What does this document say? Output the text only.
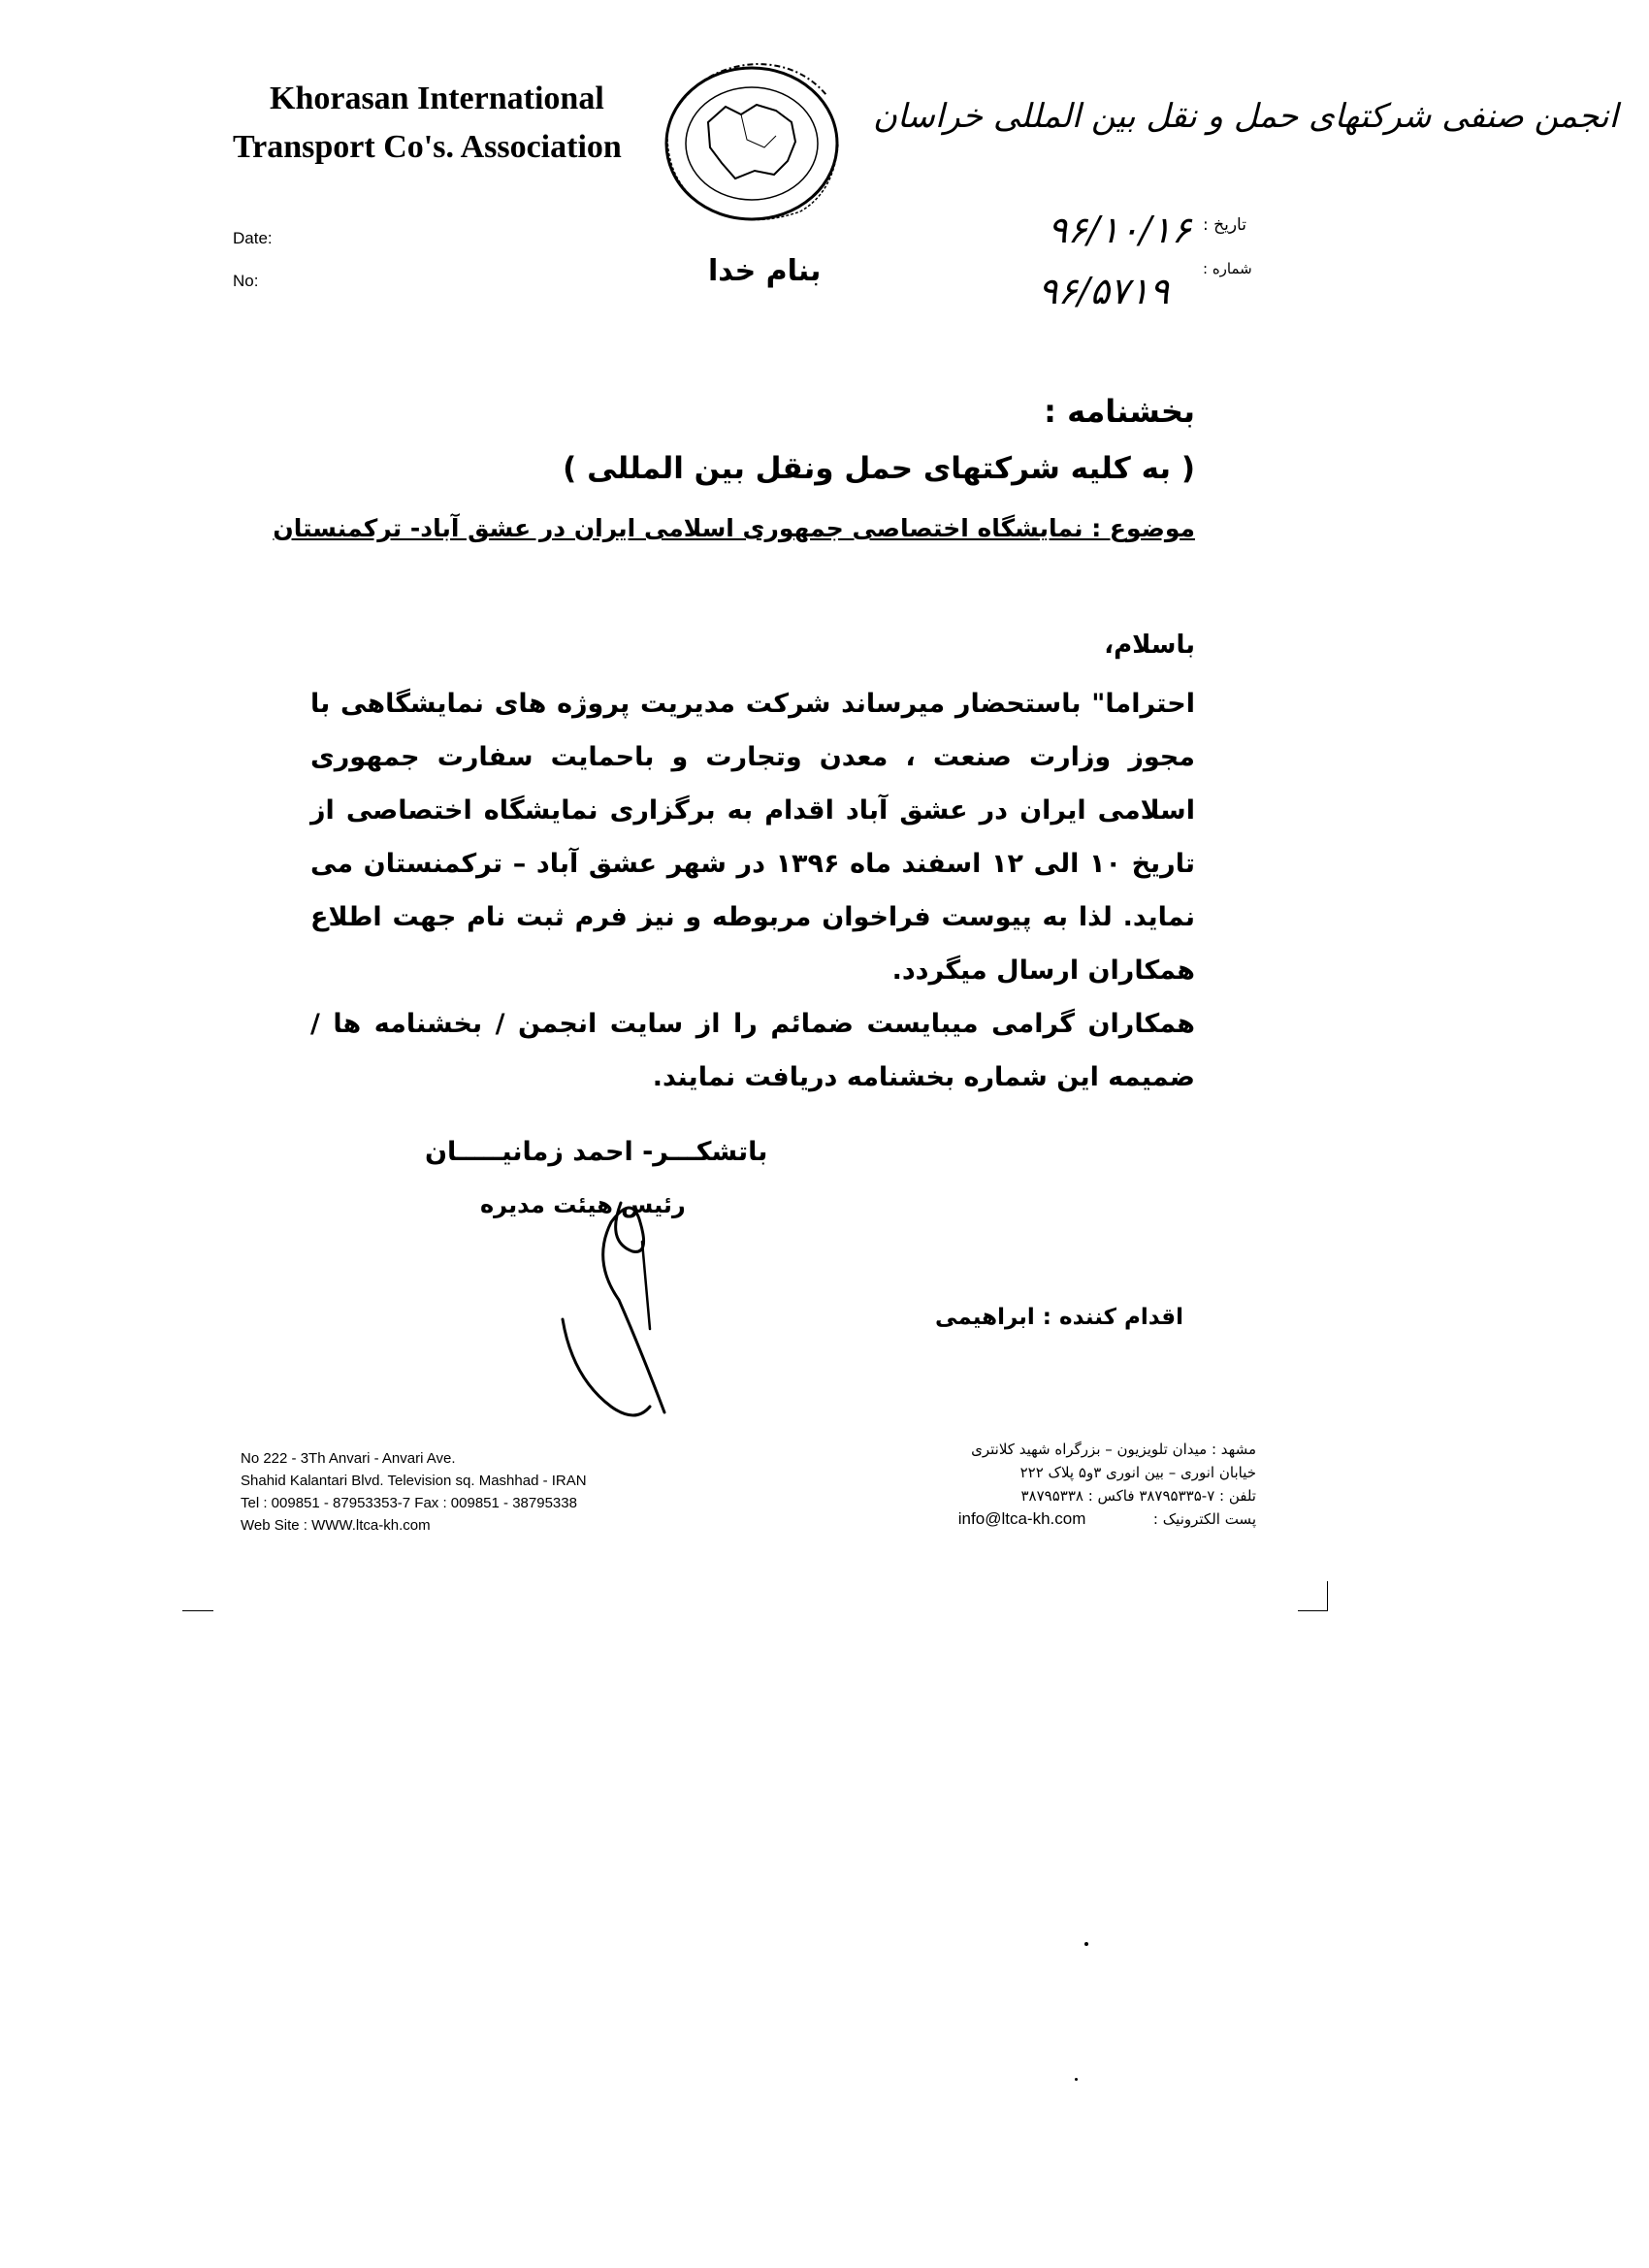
Khorasan International
Transport Co's. Association
انجمن صنفی شرکتهای حمل و نقل بین المللی خراسان
Date:
No:
تاریخ :
شماره :
۹۶/۱۰/۱۶
۹۶/۵۷۱۹
بنام خدا
بخشنامه :
( به کلیه شرکتهای حمل ونقل بین المللی )
موضوع : نمایشگاه اختصاصی جمهوری اسلامی ایران در عشق آباد- ترکمنستان
باسلام،

احتراما" باستحضار میرساند شرکت مدیریت پروژه های نمایشگاهی با مجوز وزارت صنعت ، معدن وتجارت و باحمایت سفارت جمهوری اسلامی ایران در عشق آباد اقدام به برگزاری نمایشگاه اختصاصی از تاریخ ۱۰ الی ۱۲ اسفند ماه ۱۳۹۶ در شهر عشق آباد – ترکمنستان می نماید. لذا به پیوست فراخوان مربوطه و نیز فرم ثبت نام جهت اطلاع همکاران ارسال میگردد.

همکاران گرامی میبایست ضمائم را از سایت انجمن / بخشنامه ها /ضمیمه این شماره بخشنامه دریافت نمایند.

باتشکـــر- احمد زمانیـــــان
رئیس هیئت مدیره
اقدام کننده : ابراهیمی
No 222 - 3Th Anvari - Anvari Ave.
Shahid Kalantari Blvd. Television sq. Mashhad - IRAN
Tel : 009851 - 87953353-7 Fax : 009851 - 38795338
Web Site : WWW.ltca-kh.com
مشهد : میدان تلویزیون – بزرگراه شهید کلانتری
خیابان انوری – بین انوری ۳و۵ پلاک ۲۲۲
تلفن : ۷-۳۸۷۹۵۳۳۵ فاکس : ۳۸۷۹۵۳۳۸
پست الکترونیک :  info@ltca-kh.com
